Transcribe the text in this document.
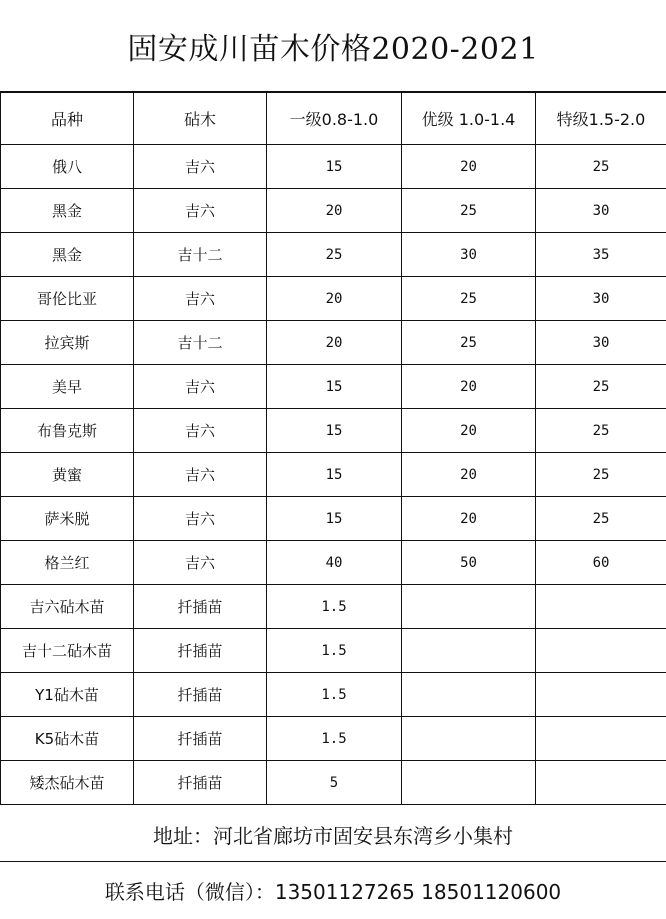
固安成川苗木价格2020-2021
品种	砧木	一级0.8-1.0	优级 1.0-1.4	特级1.5-2.0
俄八	吉六	15	20	25
黑金	吉六	20	25	30
黑金	吉十二	25	30	35
哥伦比亚	吉六	20	25	30
拉宾斯	吉十二	20	25	30
美早	吉六	15	20	25
布鲁克斯	吉六	15	20	25
黄蜜	吉六	15	20	25
萨米脱	吉六	15	20	25
格兰红	吉六	40	50	60
吉六砧木苗	扦插苗	1.5		
吉十二砧木苗	扦插苗	1.5		
Y1砧木苗	扦插苗	1.5		
K5砧木苗	扦插苗	1.5		
矮杰砧木苗	扦插苗	5		
地址：河北省廊坊市固安县东湾乡小集村
联系电话（微信）：13501127265 18501120600
